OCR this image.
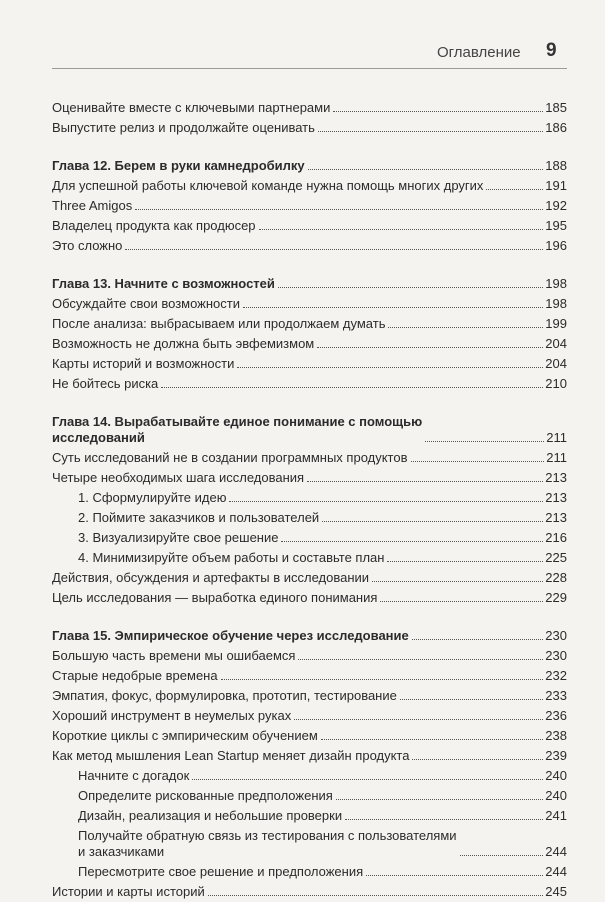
Оглавление 9
Оценивайте вместе с ключевыми партнерами	185
Выпустите релиз и продолжайте оценивать	186
Глава 12. Берем в руки камнедробилку	188
Для успешной работы ключевой команде нужна помощь многих других	191
Three Amigos	192
Владелец продукта как продюсер	195
Это сложно	196
Глава 13. Начните с возможностей	198
Обсуждайте свои возможности	198
После анализа: выбрасываем или продолжаем думать	199
Возможность не должна быть эвфемизмом	204
Карты историй и возможности	204
Не бойтесь риска	210
Глава 14. Вырабатывайте единое понимание с помощью
исследований	211
Суть исследований не в создании программных продуктов	211
Четыре необходимых шага исследования	213
1. Сформулируйте идею	213
2. Поймите заказчиков и пользователей	213
3. Визуализируйте свое решение	216
4. Минимизируйте объем работы и составьте план	225
Действия, обсуждения и артефакты в исследовании	228
Цель исследования — выработка единого понимания	229
Глава 15. Эмпирическое обучение через исследование	230
Большую часть времени мы ошибаемся	230
Старые недобрые времена	232
Эмпатия, фокус, формулировка, прототип, тестирование	233
Хороший инструмент в неумелых руках	236
Короткие циклы с эмпирическим обучением	238
Как метод мышления Lean Startup меняет дизайн продукта	239
Начните с догадок	240
Определите рискованные предположения	240
Дизайн, реализация и небольшие проверки	241
Получайте обратную связь из тестирования с пользователями
и заказчиками	244
Пересмотрите свое решение и предположения	244
Истории и карты историй	245
